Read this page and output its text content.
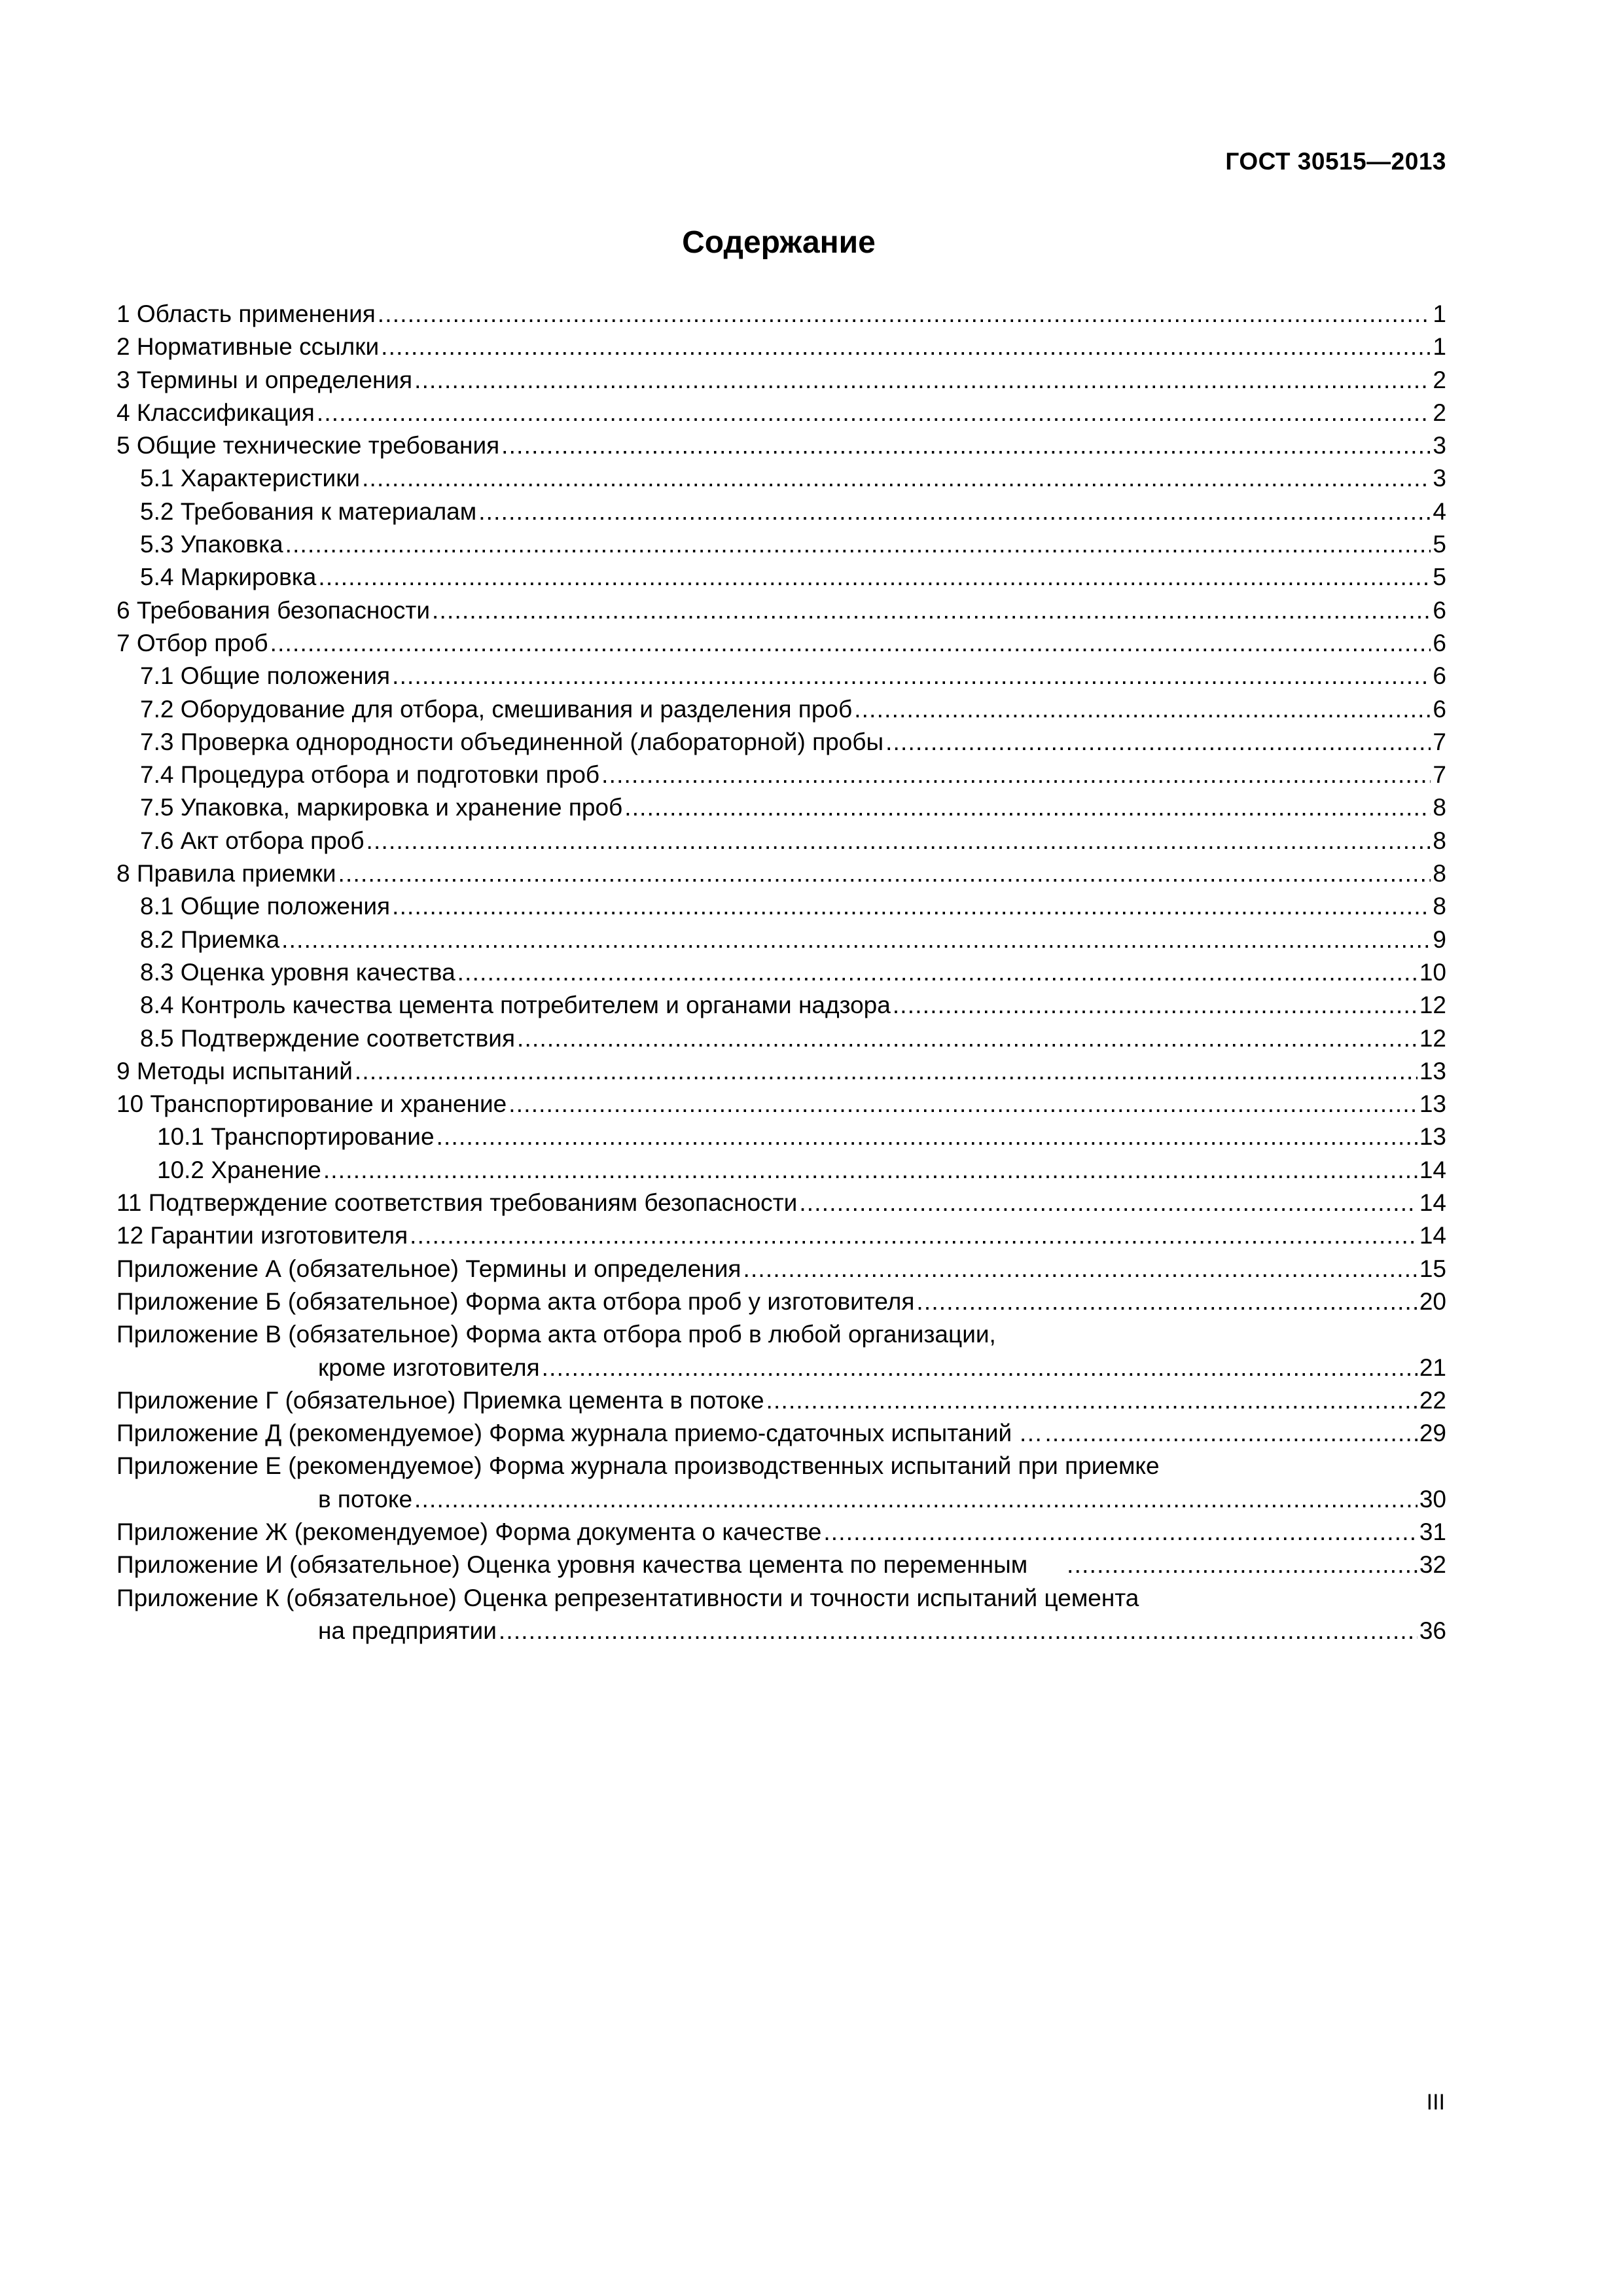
ГОСТ 30515—2013
Содержание
1 Область применения .....	1
2 Нормативные ссылки .....	1
3 Термины и определения .....	2
4 Классификация .....	2
5 Общие технические требования .....	3
5.1 Характеристики .....	3
5.2 Требования к материалам .....	4
5.3 Упаковка .....	5
5.4 Маркировка .....	5
6 Требования безопасности .....	6
7 Отбор проб .....	6
7.1 Общие положения .....	6
7.2 Оборудование для отбора, смешивания и разделения проб .....	6
7.3 Проверка однородности объединенной (лабораторной) пробы .....	7
7.4 Процедура отбора и подготовки проб .....	7
7.5 Упаковка, маркировка и хранение проб .....	8
7.6 Акт отбора проб .....	8
8 Правила приемки .....	8
8.1 Общие положения .....	8
8.2 Приемка .....	9
8.3 Оценка уровня качества .....	10
8.4 Контроль качества цемента потребителем и органами надзора .....	12
8.5 Подтверждение соответствия .....	12
9 Методы испытаний .....	13
10 Транспортирование и хранение .....	13
10.1 Транспортирование .....	13
10.2 Хранение .....	14
11 Подтверждение соответствия требованиям безопасности .....	14
12 Гарантии изготовителя .....	14
Приложение А (обязательное) Термины и определения .....	15
Приложение Б (обязательное) Форма акта отбора проб у изготовителя .....	20
Приложение В (обязательное) Форма акта отбора проб в любой организации,
кроме изготовителя .....	21
Приложение Г (обязательное) Приемка цемента в потоке .....	22
Приложение Д (рекомендуемое) Форма журнала приемо-сдаточных испытаний … .....	29
Приложение Е (рекомендуемое) Форма журнала производственных испытаний при приемке
в потоке .....	30
Приложение Ж (рекомендуемое) Форма документа о качестве .....	31
Приложение И (обязательное) Оценка уровня качества цемента по переменным .....	32
Приложение К (обязательное) Оценка репрезентативности и точности испытаний цемента
на предприятии .....	36
III
